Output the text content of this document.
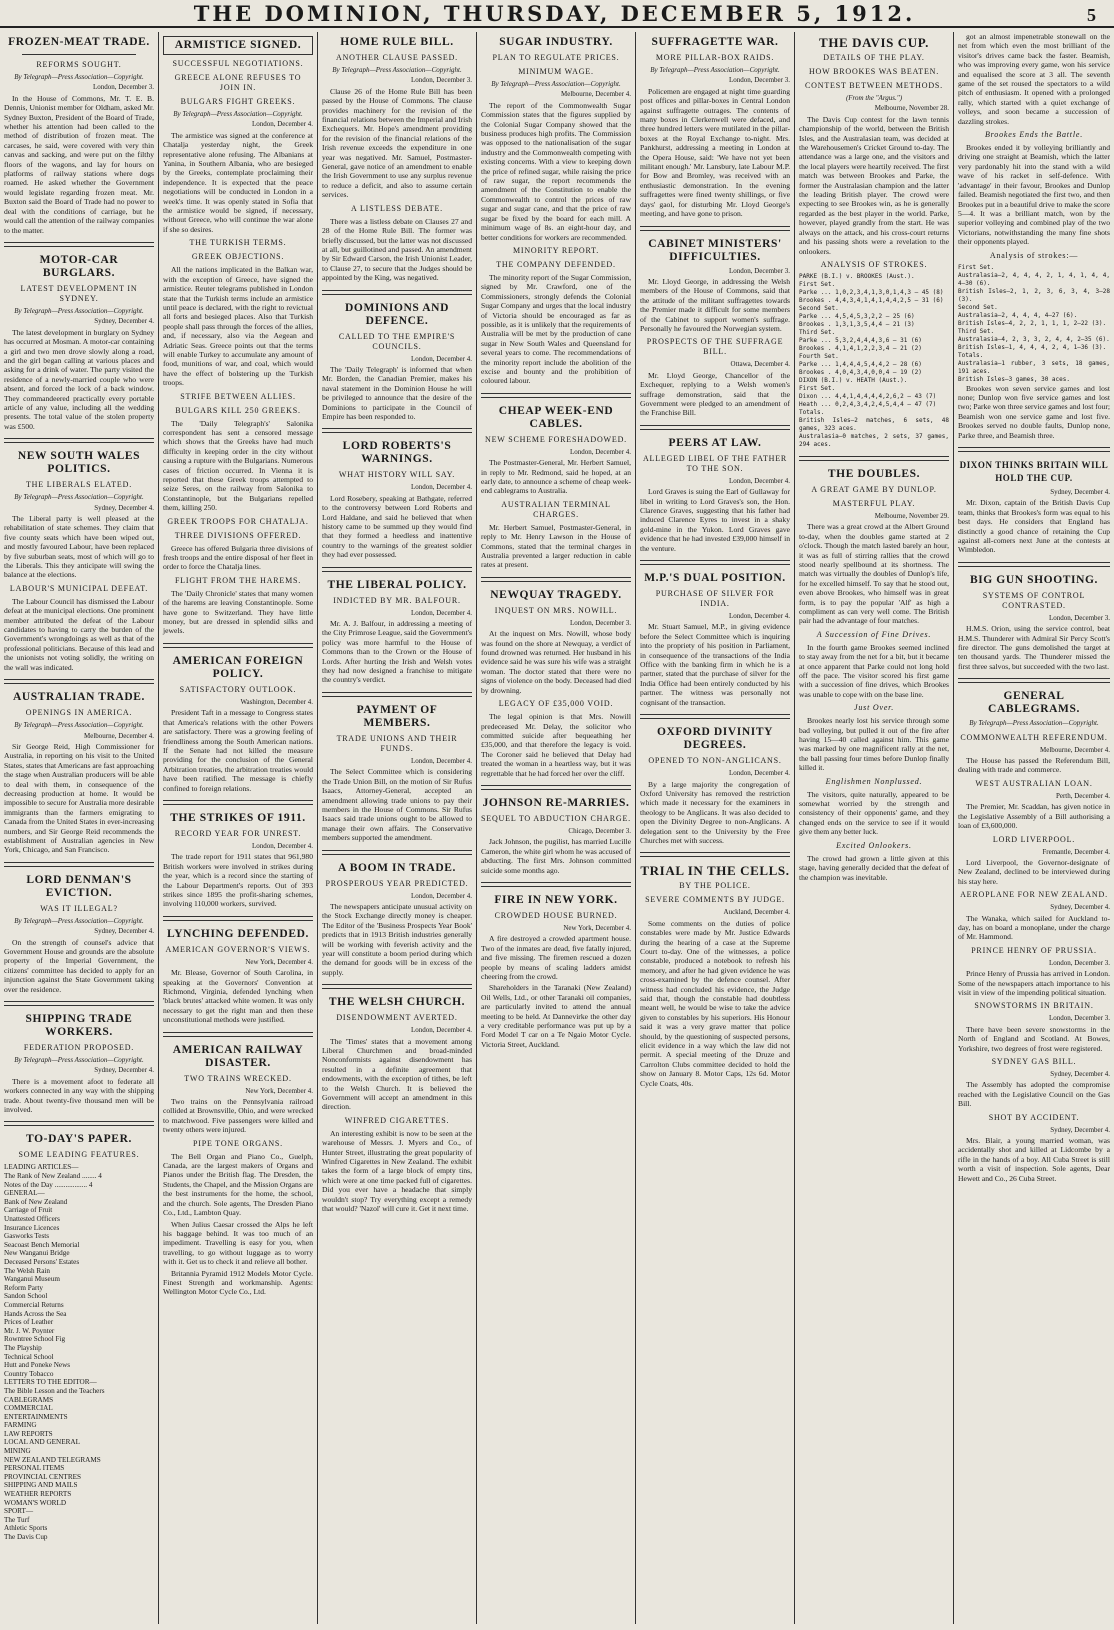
THE DOMINION, THURSDAY, DECEMBER 5, 1912.	5
FROZEN-MEAT TRADE.
REFORMS SOUGHT.
By Telegraph—Press Association—Copyright.
London, December 3.

In the House of Commons, Mr. T. E. B. Dennis, Unionist member for Oldham, asked Mr. Sydney Buxton, President of the Board of Trade, whether his attention had been called to the method of distribution of frozen meat. The carcases, he said, were covered with very thin canvas and sacking, and were put on the filthy floors of the wagons, and lay for hours on platforms of railway stations where dogs roamed. He asked whether the Government would legislate regarding frozen meat. Mr. Buxton said the Board of Trade had no power to deal with the conditions of carriage, but he would call the attention of the railway companies to the matter.

MOTOR-CAR BURGLARS.
LATEST DEVELOPMENT IN SYDNEY.
By Telegraph—Press Association—Copyright.
Sydney, December 4.

The latest development in burglary on Sydney has occurred at Mosman. A motor-car containing a girl and two men drove slowly along a road, and the girl began calling at various places and asking for a drink of water. The party visited the residence of a newly-married couple who were absent, and forced the lock of a back window. They commandeered practically every portable article of any value, including all the wedding presents. The total value of the stolen property was £500.

NEW SOUTH WALES POLITICS.
THE LIBERALS ELATED.
By Telegraph—Press Association—Copyright.
Sydney, December 4.

The Liberal party is well pleased at the rehabilitation of state schemes. They claim that five county seats which have been wiped out, and mostly favoured Labour, have been replaced by five suburban seats, most of which will go to the Liberals. This they anticipate will swing the balance at the elections.

LABOUR'S MUNICIPAL DEFEAT.

The Labour Council has dismissed the Labour defeat at the municipal elections. One prominent member attributed the defeat of the Labour candidates to having to carry the burden of the Government's wrongdoings as well as that of the professional politicians. Because of this lead and the unionists not voting solidly, the writing on the wall was indicated.

AUSTRALIAN TRADE.
OPENINGS IN AMERICA.
By Telegraph—Press Association—Copyright.
Melbourne, December 4.

Sir George Reid, High Commissioner for Australia, in reporting on his visit to the United States, states that Americans are fast approaching the stage when Australian producers will be able to deal with them, in consequence of the decreasing production at home. It would be impossible to secure for Australia more desirable immigrants than the farmers emigrating to Canada from the United States in ever-increasing numbers, and Sir George Reid recommends the establishment of Australian agencies in New York, Chicago, and San Francisco.

LORD DENMAN'S EVICTION.
WAS IT ILLEGAL?
By Telegraph—Press Association—Copyright.
Sydney, December 4.

On the strength of counsel's advice that Government House and grounds are the absolute property of the Imperial Government, the citizens' committee has decided to apply for an injunction against the State Government taking over the residence.

SHIPPING TRADE WORKERS.
FEDERATION PROPOSED.
By Telegraph—Press Association—Copyright.
Sydney, December 4.

There is a movement afoot to federate all workers connected in any way with the shipping trade. About twenty-five thousand men will be involved.

TO-DAY'S PAPER.
SOME LEADING FEATURES.
LEADING ARTICLES—
The Rank of New Zealand ........ 4
Notes of the Day .................. 4
GENERAL—
Bank of New Zealand
Carriage of Fruit
Unattested Officers
Insurance Licences
Gasworks Tests
Seacoast Bench Memorial
New Wanganui Bridge
Deceased Persons' Estates
The Welsh Rain
Wanganui Museum
Reform Party
Sandon School
Commercial Returns
Hands Across the Sea
Prices of Leather
Mr. J. W. Poynter
Rowntree School Fig
The Playship
Technical School
Hutt and Poneke News
Country Tobacco
LETTERS TO THE EDITOR—
The Bible Lesson and the Teachers
CABLEGRAMS
COMMERCIAL
ENTERTAINMENTS
FARMING
LAW REPORTS
LOCAL AND GENERAL
MINING
NEW ZEALAND TELEGRAMS
PERSONAL ITEMS
PROVINCIAL CENTRES
SHIPPING AND MAILS
WEATHER REPORTS
WOMAN'S WORLD
SPORT—
The Turf
Athletic Sports
The Davis Cup
ARMISTICE SIGNED.
SUCCESSFUL NEGOTIATIONS.
GREECE ALONE REFUSES TO JOIN IN.
BULGARS FIGHT GREEKS.
By Telegraph—Press Association—Copyright.
London, December 4.

The armistice was signed at the conference at Chatalja yesterday night, the Greek representative alone refusing. The Albanians at Yanina, in Southern Albania, who are besieged by the Greeks, contemplate proclaiming their independence. It is expected that the peace negotiations will be conducted in London in a week's time. It was openly stated in Sofia that the armistice would be signed, if necessary, without Greece, who will continue the war alone if she so desires.

THE TURKISH TERMS.
GREEK OBJECTIONS.

All the nations implicated in the Balkan war, with the exception of Greece, have signed the armistice. Reuter telegrams published in London state that the Turkish terms include an armistice until peace is declared, with the right to revictual all forts and besieged places. Also that Turkish people shall pass through the forces of the allies, and, if necessary, also via the Aegean and Adriatic Seas. Greece points out that the terms will enable Turkey to accumulate any amount of food, munitions of war, and coal, which would have the effect of bolstering up the Turkish troops.

STRIFE BETWEEN ALLIES.
BULGARS KILL 250 GREEKS.

The 'Daily Telegraph's' Salonika correspondent has sent a censored message which shows that the Greeks have had much difficulty in keeping order in the city without causing a rupture with the Bulgarians. Numerous cases of friction occurred. In Vienna it is reported that these Greek troops attempted to seize Seres, on the railway from Salonika to Constantinople, but the Bulgarians repelled them, killing 250.

GREEK TROOPS FOR CHATALJA.
THREE DIVISIONS OFFERED.

Greece has offered Bulgaria three divisions of fresh troops and the entire disposal of her fleet in order to force the Chatalja lines.

FLIGHT FROM THE HAREMS.

The 'Daily Chronicle' states that many women of the harems are leaving Constantinople. Some have gone to Switzerland. They have little money, but are dressed in splendid silks and jewels.

AMERICAN FOREIGN POLICY.
SATISFACTORY OUTLOOK.
Washington, December 4.

President Taft in a message to Congress states that America's relations with the other Powers are satisfactory. There was a growing feeling of friendliness among the South American nations. If the Senate had not killed the measure providing for the conclusion of the General Arbitration treaties, the arbitration treaties would have been ratified. The message is chiefly confined to foreign relations.

THE STRIKES OF 1911.
RECORD YEAR FOR UNREST.
London, December 4.

The trade report for 1911 states that 961,980 British workers were involved in strikes during the year, which is a record since the starting of the Labour Department's reports. Out of 393 strikes since 1895 the profit-sharing schemes, involving 110,000 workers, survived.

LYNCHING DEFENDED.
AMERICAN GOVERNOR'S VIEWS.
New York, December 4.

Mr. Blease, Governor of South Carolina, in speaking at the Governors' Convention at Richmond, Virginia, defended lynching when 'black brutes' attacked white women. It was only necessary to get the right man and then these unconstitutional methods were justified.

AMERICAN RAILWAY DISASTER.
TWO TRAINS WRECKED.
New York, December 4.

Two trains on the Pennsylvania railroad collided at Brownsville, Ohio, and were wrecked to matchwood. Five passengers were killed and twenty others were injured.

PIPE TONE ORGANS.

The Bell Organ and Piano Co., Guelph, Canada, are the largest makers of Organs and Pianos under the British flag. The Dresden, the Students, the Chapel, and the Mission Organs are the best instruments for the home, the school, and the church. Sole agents, The Dresden Piano Co., Ltd., Lambton Quay.

When Julius Caesar crossed the Alps he left his baggage behind. It was too much of an impediment. Travelling is easy for you, when travelling, to go without luggage as to worry with it. Get us to check it and relieve all bother.

Britannia Pyramid 1912 Models Motor Cycle. Finest Strength and workmanship. Agents: Wellington Motor Cycle Co., Ltd.

HOME RULE BILL.
ANOTHER CLAUSE PASSED.
By Telegraph—Press Association—Copyright.
London, December 3.

Clause 26 of the Home Rule Bill has been passed by the House of Commons. The clause provides machinery for the revision of the financial relations between the Imperial and Irish Exchequers. Mr. Hope's amendment providing for the revision of the financial relations of the Irish revenue exceeds the expenditure in one year was negatived. Mr. Samuel, Postmaster-General, gave notice of an amendment to enable the Irish Government to use any surplus revenue to reduce a deficit, and also to assume certain services.

A LISTLESS DEBATE.

There was a listless debate on Clauses 27 and 28 of the Home Rule Bill. The former was briefly discussed, but the latter was not discussed at all, but guillotined and passed. An amendment by Sir Edward Carson, the Irish Unionist Leader, to Clause 27, to secure that the Judges should be appointed by the King, was negatived.

DOMINIONS AND DEFENCE.
CALLED TO THE EMPIRE'S COUNCILS.
London, December 4.

The 'Daily Telegraph' is informed that when Mr. Borden, the Canadian Premier, makes his naval statement in the Dominion House he will be privileged to announce that the desire of the Dominions to participate in the Council of Empire has been responded to.

LORD ROBERTS'S WARNINGS.
WHAT HISTORY WILL SAY.
London, December 4.

Lord Rosebery, speaking at Bathgate, referred to the controversy between Lord Roberts and Lord Haldane, and said he believed that when history came to be summed up they would find that they formed a heedless and inattentive country to the warnings of the greatest soldier they had ever possessed.

THE LIBERAL POLICY.
INDICTED BY MR. BALFOUR.
London, December 4.

Mr. A. J. Balfour, in addressing a meeting of the City Primrose League, said the Government's policy was more harmful to the House of Commons than to the Crown or the House of Lords. After hurting the Irish and Welsh votes they had now designed a franchise to mitigate the country's verdict.

PAYMENT OF MEMBERS.
TRADE UNIONS AND THEIR FUNDS.
London, December 4.

The Select Committee which is considering the Trade Union Bill, on the motion of Sir Rufus Isaacs, Attorney-General, accepted an amendment allowing trade unions to pay their members in the House of Commons. Sir Rufus Isaacs said trade unions ought to be allowed to manage their own affairs. The Conservative members supported the amendment.

A BOOM IN TRADE.
PROSPEROUS YEAR PREDICTED.
London, December 4.

The newspapers anticipate unusual activity on the Stock Exchange directly money is cheaper. The Editor of the 'Business Prospects Year Book' predicts that in 1913 British industries generally will be working with feverish activity and the year will constitute a boom period during which the demand for goods will be in excess of the supply.

THE WELSH CHURCH.
DISENDOWMENT AVERTED.
London, December 4.

The 'Times' states that a movement among Liberal Churchmen and broad-minded Nonconformists against disendowment has resulted in a definite agreement that endowments, with the exception of tithes, be left to the Welsh Church. It is believed the Government will accept an amendment in this direction.

WINFRED CIGARETTES.

An interesting exhibit is now to be seen at the warehouse of Messrs. J. Myers and Co., of Hunter Street, illustrating the great popularity of Winfred Cigarettes in New Zealand. The exhibit takes the form of a large block of empty tins, which were at one time packed full of cigarettes. Did you ever have a headache that simply wouldn't stop? Try everything except a remedy that would? 'Nazol' will cure it. Get it next time.

SUGAR INDUSTRY.
PLAN TO REGULATE PRICES.
MINIMUM WAGE.
By Telegraph—Press Association—Copyright.
Melbourne, December 4.

The report of the Commonwealth Sugar Commission states that the figures supplied by the Colonial Sugar Company showed that the business produces high profits. The Commission was opposed to the nationalisation of the sugar industry and the Commonwealth competing with existing concerns. With a view to keeping down the price of refined sugar, while raising the price of raw sugar, the report recommends the amendment of the Constitution to enable the Commonwealth to control the prices of raw sugar and sugar cane, and that the price of raw sugar be fixed by the board for each mill. A minimum wage of 8s. an eight-hour day, and better conditions for workers are recommended.

MINORITY REPORT.
THE COMPANY DEFENDED.

The minority report of the Sugar Commission, signed by Mr. Crawford, one of the Commissioners, strongly defends the Colonial Sugar Company and urges that the local industry of Victoria should be encouraged as far as possible, as it is unlikely that the requirements of Australia will be met by the production of cane sugar in New South Wales and Queensland for several years to come. The recommendations of the minority report include the abolition of the excise and bounty and the prohibition of coloured labour.

CHEAP WEEK-END CABLES.
NEW SCHEME FORESHADOWED.
London, December 4.

The Postmaster-General, Mr. Herbert Samuel, in reply to Mr. Redmond, said he hoped, at an early date, to announce a scheme of cheap week-end cablegrams to Australia.

AUSTRALIAN TERMINAL CHARGES.

Mr. Herbert Samuel, Postmaster-General, in reply to Mr. Henry Lawson in the House of Commons, stated that the terminal charges in Australia prevented a larger reduction in cable rates at present.

NEWQUAY TRAGEDY.
INQUEST ON MRS. NOWILL.
London, December 3.

At the inquest on Mrs. Nowill, whose body was found on the shore at Newquay, a verdict of found drowned was returned. Her husband in his evidence said he was sure his wife was a straight woman. The doctor stated that there were no signs of violence on the body. Deceased had died by drowning.

LEGACY OF £35,000 VOID.

The legal opinion is that Mrs. Nowill predeceased Mr. Delay, the solicitor who committed suicide after bequeathing her £35,000, and that therefore the legacy is void. The Coroner said he believed that Delay had treated the woman in a heartless way, but it was regrettable that he had forced her over the cliff.

JOHNSON RE-MARRIES.
SEQUEL TO ABDUCTION CHARGE.
Chicago, December 3.

Jack Johnson, the pugilist, has married Lucille Cameron, the white girl whom he was accused of abducting. The first Mrs. Johnson committed suicide some months ago.

FIRE IN NEW YORK.
CROWDED HOUSE BURNED.
New York, December 4.

A fire destroyed a crowded apartment house. Two of the inmates are dead, five fatally injured, and five missing. The firemen rescued a dozen people by means of scaling ladders amidst cheering from the crowd.

Shareholders in the Taranaki (New Zealand) Oil Wells, Ltd., or other Taranaki oil companies, are particularly invited to attend the annual meeting to be held. At Dannevirke the other day a very creditable performance was put up by a Ford Model T car on a Te Ngaio Motor Cycle. Victoria Street, Auckland.

SUFFRAGETTE WAR.
MORE PILLAR-BOX RAIDS.
By Telegraph—Press Association—Copyright.
London, December 3.

Policemen are engaged at night time guarding post offices and pillar-boxes in Central London against suffragette outrages. The contents of many boxes in Clerkenwell were defaced, and three hundred letters were mutilated in the pillar-boxes at the Royal Exchange to-night. Mrs. Pankhurst, addressing a meeting in London at the Opera House, said: 'We have not yet been militant enough.' Mr. Lansbury, late Labour M.P. for Bow and Bromley, was received with an enthusiastic demonstration. In the evening suffragettes were fined twenty shillings, or five days' gaol, for disturbing Mr. Lloyd George's meeting, and have gone to prison.

CABINET MINISTERS' DIFFICULTIES.
London, December 3.

Mr. Lloyd George, in addressing the Welsh members of the House of Commons, said that the attitude of the militant suffragettes towards the Premier made it difficult for some members of the Cabinet to support women's suffrage. Personally he favoured the Norwegian system.

PROSPECTS OF THE SUFFRAGE BILL.
Ottawa, December 4.

Mr. Lloyd George, Chancellor of the Exchequer, replying to a Welsh women's suffrage demonstration, said that the Government were pledged to an amendment of the Franchise Bill.

PEERS AT LAW.
ALLEGED LIBEL OF THE FATHER TO THE SON.
London, December 4.

Lord Graves is suing the Earl of Gullaway for libel in writing to Lord Graves's son, the Hon. Clarence Graves, suggesting that his father had induced Clarence Eyres to invest in a shaky gold-mine in the Yukon. Lord Graves gave evidence that he had invested £39,000 himself in the venture.

M.P.'S DUAL POSITION.
PURCHASE OF SILVER FOR INDIA.
London, December 4.

Mr. Stuart Samuel, M.P., in giving evidence before the Select Committee which is inquiring into the propriety of his position in Parliament, in consequence of the transactions of the India Office with the banking firm in which he is a partner, stated that the purchase of silver for the India Office had been entirely conducted by his partner. The witness was personally not cognisant of the transaction.

OXFORD DIVINITY DEGREES.
OPENED TO NON-ANGLICANS.
London, December 4.

By a large majority the congregation of Oxford University has removed the restriction which made it necessary for the examiners in theology to be Anglicans. It was also decided to open the Divinity Degree to non-Anglicans. A delegation sent to the University by the Free Churches met with success.

TRIAL IN THE CELLS.
BY THE POLICE.
SEVERE COMMENTS BY JUDGE.
Auckland, December 4.

Some comments on the duties of police constables were made by Mr. Justice Edwards during the hearing of a case at the Supreme Court to-day. One of the witnesses, a police constable, produced a notebook to refresh his memory, and after he had given evidence he was cross-examined by the defence counsel. After witness had concluded his evidence, the Judge said that, though the constable had doubtless meant well, he would be wise to take the advice given to constables by his superiors. His Honour said it was a very grave matter that police should, by the questioning of suspected persons, elicit evidence in a way which the law did not permit. A special meeting of the Druze and Carrolton Clubs committee decided to hold the show on January 8. Motor Caps, 12s 6d. Motor Cycle Coats, 40s.

THE DAVIS CUP.
DETAILS OF THE PLAY.
HOW BROOKES WAS BEATEN.
CONTEST BETWEEN METHODS.
(From the "Argus.")
Melbourne, November 28.

The Davis Cup contest for the lawn tennis championship of the world, between the British Isles, and the Australasian team, was decided at the Warehousemen's Cricket Ground to-day. The attendance was a large one, and the visitors and the local players were heartily received. The first match was between Brookes and Parke, the former the Australasian champion and the latter the leading British player. The crowd were expecting to see Brookes win, as he is generally regarded as the best player in the world. Parke, however, played grandly from the start. He was always on the attack, and his cross-court returns and his passing shots were a revelation to the onlookers.

ANALYSIS OF STROKES.
PARKE (B.I.) v. BROOKES (Aust.).
First Set.
Parke ... 1,0,2,3,4,1,3,0,1,4,3 — 45 (8)
Brookes . 4,4,3,4,1,4,1,4,4,2,5 — 31 (6)
Second Set.
Parke ... 4,5,4,5,3,2,2 — 25 (6)
Brookes . 1,3,1,3,5,4,4 — 21 (3)
Third Set.
Parke ... 5,3,2,4,4,4,3,6 — 31 (6)
Brookes . 4,1,4,1,2,2,3,4 — 21 (2)
Fourth Set.
Parke ... 1,4,4,4,5,4,4,2 — 28 (6)
Brookes . 4,0,4,3,4,0,0,4 — 19 (2)
DIXON (B.I.) v. HEATH (Aust.).
First Set.
Dixon ... 4,4,1,4,4,4,4,2,6,2 — 43 (7)
Heath ... 0,2,4,3,4,2,4,5,4,4 — 47 (7)
Totals.
British Isles—2 matches, 6 sets, 48 games, 323 aces.
Australasia—0 matches, 2 sets, 37 games, 294 aces.
THE DOUBLES.
A GREAT GAME BY DUNLOP.
MASTERFUL PLAY.
Melbourne, November 29.

There was a great crowd at the Albert Ground to-day, when the doubles game started at 2 o'clock. Though the match lasted barely an hour, it was as full of stirring rallies that the crowd stood nearly spellbound at its shortness. The match was virtually the doubles of Dunlop's life, for he excelled himself. To say that he stood out, even above Brookes, who himself was in great form, is to pay the popular 'Alf' as high a compliment as can very well come. The British pair had the advantage of four matches.

A Succession of Fine Drives.

In the fourth game Brookes seemed inclined to stay away from the net for a bit, but it became at once apparent that Parke could not long hold off the pace. The visitor scored his first game with a succession of fine drives, which Brookes was unable to cope with on the base line.

Just Over.

Brookes nearly lost his service through some bad volleying, but pulled it out of the fire after having 15—40 called against him. This game was marked by one magnificent rally at the net, the ball passing four times before Dunlop finally killed it.

Englishmen Nonplussed.

The visitors, quite naturally, appeared to be somewhat worried by the strength and consistency of their opponents' game, and they changed ends on the service to see if it would give them any better luck.

Excited Onlookers.

The crowd had grown a little given at this stage, having generally decided that the defeat of the champion was inevitable.

got an almost impenetrable stonewall on the net from which even the most brilliant of the visitor's drives came back the faster. Beamish, who was improving every game, won his service and equalised the score at 3 all. The seventh game of the set roused the spectators to a wild pitch of enthusiasm. It opened with a prolonged rally, which started with a quiet exchange of volleys, and soon became a succession of dazzling strokes.

Brookes Ends the Battle.

Brookes ended it by volleying brilliantly and driving one straight at Beamish, which the latter very pardonably hit into the stand with a wild wave of his racket in self-defence. With 'advantage' in their favour, Brookes and Dunlop failed. Beamish negotiated the first two, and then Brookes put in a beautiful drive to make the score 5—4. It was a brilliant match, won by the superior volleying and combined play of the two Victorians, notwithstanding the many fine shots their opponents played.

Analysis of strokes:—
First Set.
Australasia—2, 4, 4, 4, 2, 1, 4, 1, 4, 4, 4—30 (6).
British Isles—2, 1, 2, 3, 6, 3, 4, 3—28 (3).
Second Set.
Australasia—2, 4, 4, 4, 4—27 (6).
British Isles—4, 2, 2, 1, 1, 1, 2—22 (3).
Third Set.
Australasia—4, 2, 3, 3, 2, 4, 4, 2—35 (6).
British Isles—1, 4, 4, 4, 2, 4, 1—36 (3).
Totals.
Australasia—1 rubber, 3 sets, 18 games, 191 aces.
British Isles—3 games, 30 aces.

Brookes won seven service games and lost none; Dunlop won five service games and lost two; Parke won three service games and lost four; Beamish won one service game and lost five. Brookes served no double faults, Dunlop none, Parke three, and Beamish three.

DIXON THINKS BRITAIN WILL HOLD THE CUP.
Sydney, December 4.

Mr. Dixon, captain of the British Davis Cup team, thinks that Brookes's form was equal to his best days. He considers that England has distinctly a good chance of retaining the Cup against all-comers next June at the contests at Wimbledon.

BIG GUN SHOOTING.
SYSTEMS OF CONTROL CONTRASTED.
London, December 3.

H.M.S. Orion, using the service control, beat H.M.S. Thunderer with Admiral Sir Percy Scott's fire director. The guns demolished the target at ten thousand yards. The Thunderer missed the first three salvos, but succeeded with the two last.

GENERAL CABLEGRAMS.
By Telegraph—Press Association—Copyright.
COMMONWEALTH REFERENDUM.
Melbourne, December 4.

The House has passed the Referendum Bill, dealing with trade and commerce.

WEST AUSTRALIAN LOAN.
Perth, December 4.

The Premier, Mr. Scaddan, has given notice in the Legislative Assembly of a Bill authorising a loan of £3,600,000.

LORD LIVERPOOL.
Fremantle, December 4.

Lord Liverpool, the Governor-designate of New Zealand, declined to be interviewed during his stay here.

AEROPLANE FOR NEW ZEALAND.
Sydney, December 4.

The Wanaka, which sailed for Auckland to-day, has on board a monoplane, under the charge of Mr. Hammond.

PRINCE HENRY OF PRUSSIA.
London, December 3.

Prince Henry of Prussia has arrived in London. Some of the newspapers attach importance to his visit in view of the impending political situation.

SNOWSTORMS IN BRITAIN.
London, December 3.

There have been severe snowstorms in the North of England and Scotland. At Bowes, Yorkshire, two degrees of frost were registered.

SYDNEY GAS BILL.
Sydney, December 4.

The Assembly has adopted the compromise reached with the Legislative Council on the Gas Bill.

SHOT BY ACCIDENT.
Sydney, December 4.

Mrs. Blair, a young married woman, was accidentally shot and killed at Lidcombe by a rifle in the hands of a boy. All Cuba Street is still worth a visit of inspection. Sole agents, Dear Hewett and Co., 26 Cuba Street.
